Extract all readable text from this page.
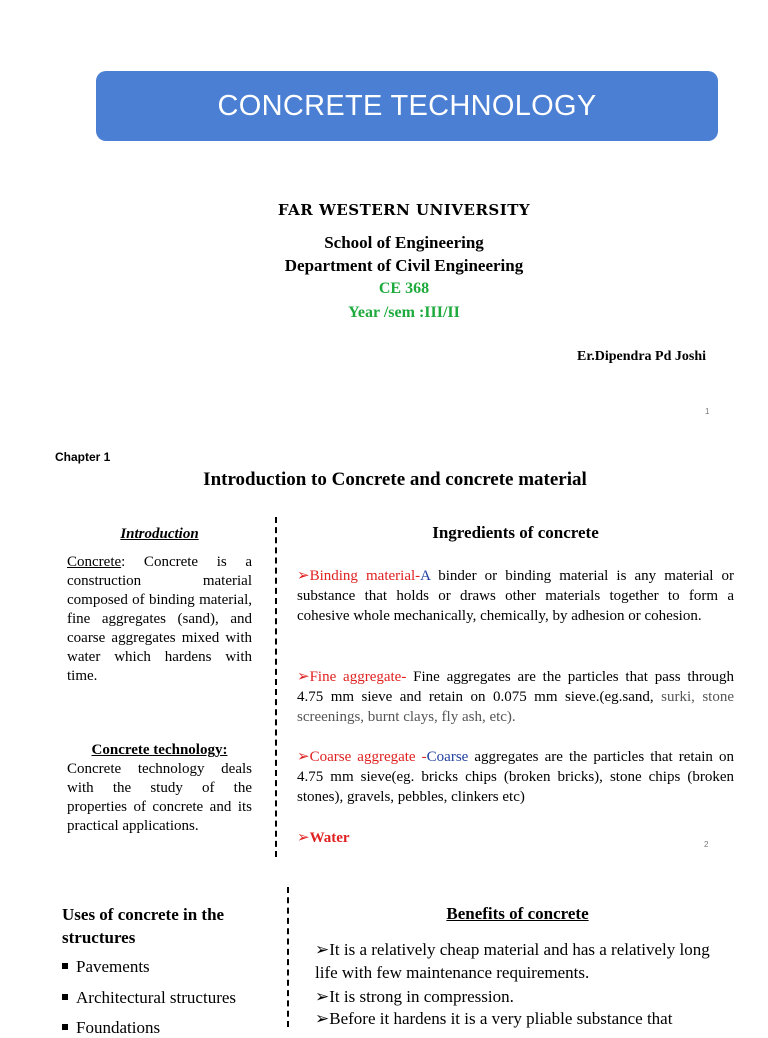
CONCRETE TECHNOLOGY
FAR WESTERN UNIVERSITY
School of Engineering
Department of Civil Engineering
CE 368
Year /sem :III/II
Er.Dipendra Pd Joshi
1
Chapter 1
Introduction to Concrete and concrete material
Introduction
Concrete: Concrete is a construction material composed of binding material, fine aggregates (sand), and coarse aggregates mixed with water which hardens with time.
Concrete technology:
Concrete technology deals with the study of the properties of concrete and its practical applications.
Ingredients of concrete
➢Binding material-A binder or binding material is any material or substance that holds or draws other materials together to form a cohesive whole mechanically, chemically, by adhesion or cohesion.
➢Fine aggregate- Fine aggregates are the particles that pass through 4.75 mm sieve and retain on 0.075 mm sieve.(eg.sand, surki, stone screenings, burnt clays, fly ash, etc).
➢Coarse aggregate -Coarse aggregates are the particles that retain on 4.75 mm sieve(eg. bricks chips (broken bricks), stone chips (broken stones), gravels, pebbles, clinkers etc)
➢Water	2
Uses of concrete in the structures
Pavements
Architectural structures
Foundations
Benefits of concrete
➢It is a relatively cheap material and has a relatively long life with few maintenance requirements.
➢It is strong in compression.
➢Before it hardens it is a very pliable substance that
